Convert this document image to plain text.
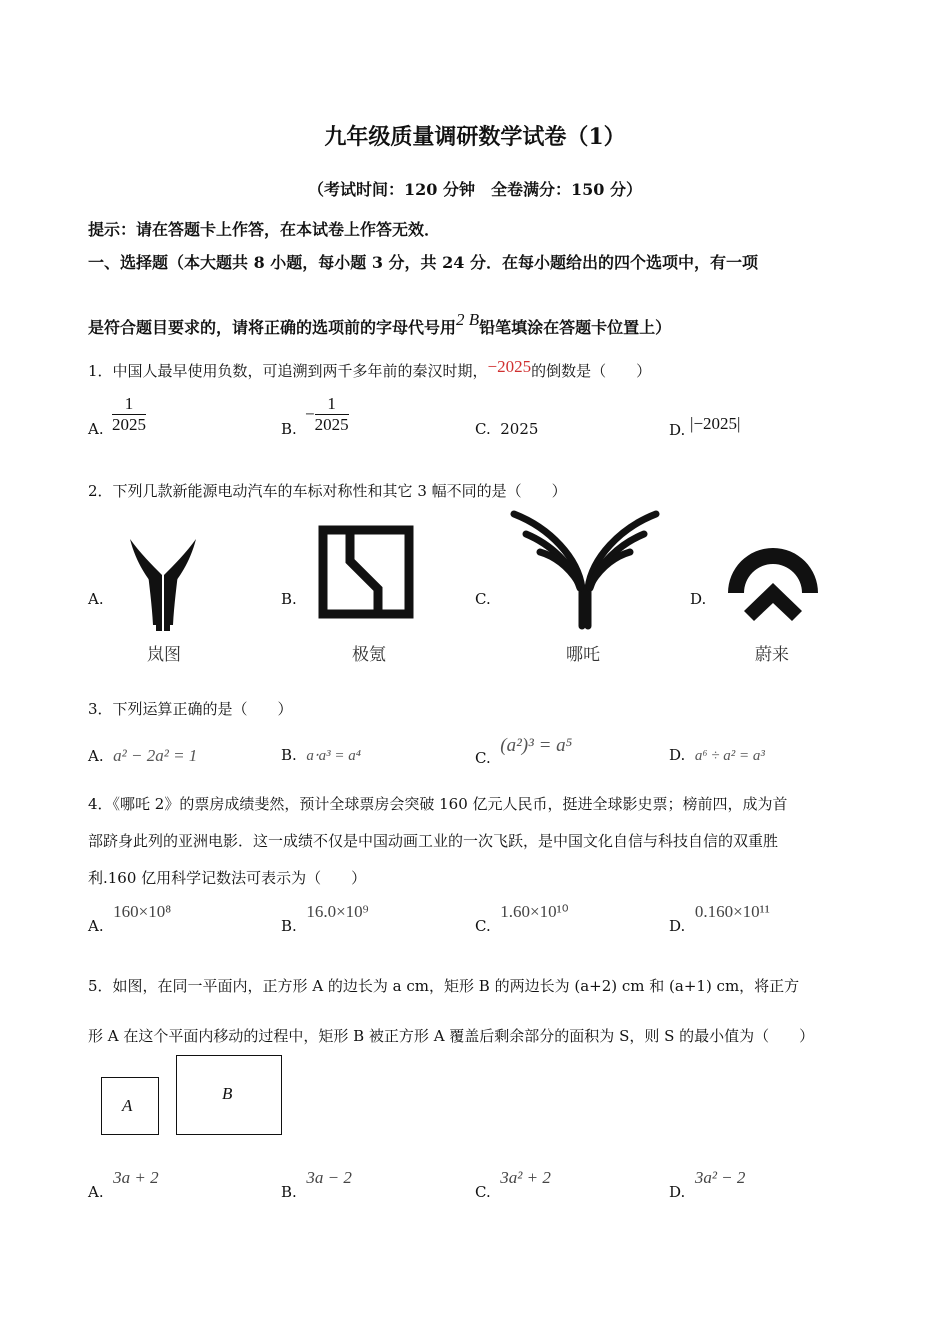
九年级质量调研数学试卷（1）
（考试时间：120 分钟　全卷满分：150 分）
提示：请在答题卡上作答，在本试卷上作答无效．
一、选择题（本大题共 8 小题，每小题 3 分，共 24 分．在每小题给出的四个选项中，有一项
是符合题目要求的，请将正确的选项前的字母代号用2 B铅笔填涂在答题卡位置上）
1．中国人最早使用负数，可追溯到两千多年前的秦汉时期，−2025的倒数是（　　）
A. $\frac{1}{2025}$	B.
− $\frac{1}{2025}$	C. 2025	D. |−2025|
2．下列几款新能源电动汽车的车标对称性和其它 3 幅不同的是（　　）
A.
岚图
B.
极氪
C.
哪吒
D.
蔚来
3．下列运算正确的是（　　）
A. a² − 2a² = 1	B. a⋅a³ = a⁴	C.  (a²)³ = a⁵	D. a⁶ ÷ a² = a³
4．《哪吒 2》的票房成绩斐然，预计全球票房会突破 160 亿元人民币，挺进全球影史票；榜前四，成为首
部跻身此列的亚洲电影．这一成绩不仅是中国动画工业的一次飞跃，是中国文化自信与科技自信的双重胜
利.160 亿用科学记数法可表示为（　　）
A.  160×10⁸
B.  16.0×10⁹
C.  1.60×10¹⁰
D.  0.160×10¹¹
5．如图，在同一平面内，正方形 A 的边长为 a cm，矩形 B 的两边长为 (a+2) cm 和 (a+1) cm，将正方
形 A 在这个平面内移动的过程中，矩形 B 被正方形 A 覆盖后剩余部分的面积为 S，则 S 的最小值为（　　）
A
B
A.  3a + 2
B.  3a − 2
C.  3a² + 2
D.  3a² − 2
